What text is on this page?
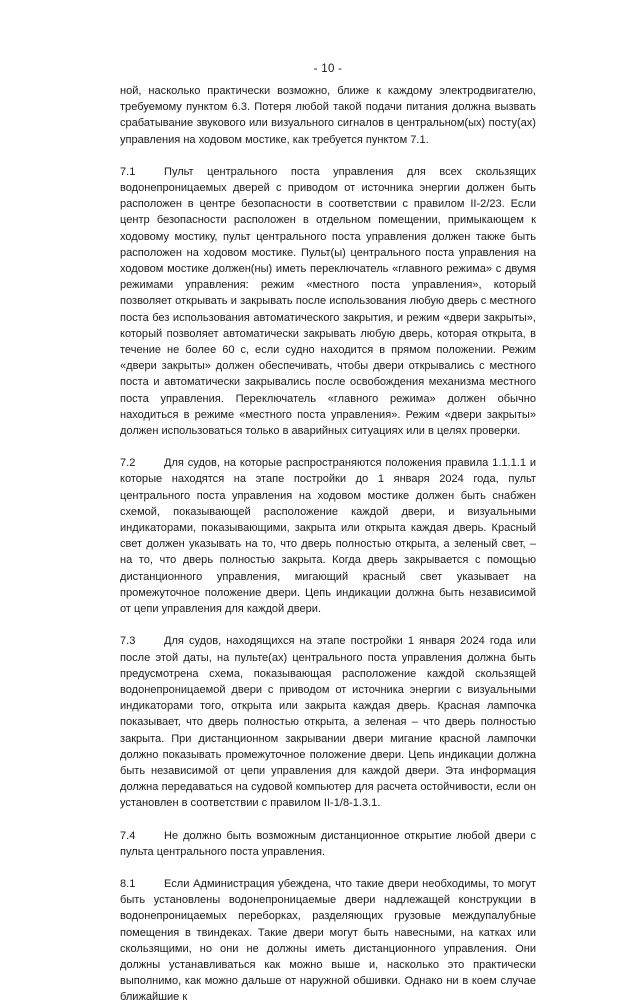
- 10 -

ной, насколько практически возможно, ближе к каждому электродвигателю, требуемому пунктом 6.3. Потеря любой такой подачи питания должна вызвать срабатывание звукового или визуального сигналов в центральном(ых) посту(ах) управления на ходовом мостике, как требуется пунктом 7.1.

7.1	Пульт центрального поста управления для всех скользящих водонепроницаемых дверей с приводом от источника энергии должен быть расположен в центре безопасности в соответствии с правилом II-2/23. Если центр безопасности расположен в отдельном помещении, примыкающем к ходовому мостику, пульт центрального поста управления должен также быть расположен на ходовом мостике. Пульт(ы) центрального поста управления на ходовом мостике должен(ны) иметь переключатель «главного режима» с двумя режимами управления: режим «местного поста управления», который позволяет открывать и закрывать после использования любую дверь с местного поста без использования автоматического закрытия, и режим «двери закрыты», который позволяет автоматически закрывать любую дверь, которая открыта, в течение не более 60 с, если судно находится в прямом положении. Режим «двери закрыты» должен обеспечивать, чтобы двери открывались с местного поста и автоматически закрывались после освобождения механизма местного поста управления. Переключатель «главного режима» должен обычно находиться в режиме «местного поста управления». Режим «двери закрыты» должен использоваться только в аварийных ситуациях или в целях проверки.

7.2	Для судов, на которые распространяются положения правила 1.1.1.1 и которые находятся на этапе постройки до 1 января 2024 года, пульт центрального поста управления на ходовом мостике должен быть снабжен схемой, показывающей расположение каждой двери, и визуальными индикаторами, показывающими, закрыта или открыта каждая дверь. Красный свет должен указывать на то, что дверь полностью открыта, а зеленый свет, – на то, что дверь полностью закрыта. Когда дверь закрывается с помощью дистанционного управления, мигающий красный свет указывает на промежуточное положение двери. Цепь индикации должна быть независимой от цепи управления для каждой двери.

7.3	Для судов, находящихся на этапе постройки 1 января 2024 года или после этой даты, на пульте(ах) центрального поста управления должна быть предусмотрена схема, показывающая расположение каждой скользящей водонепроницаемой двери с приводом от источника энергии с визуальными индикаторами того, открыта или закрыта каждая дверь. Красная лампочка показывает, что дверь полностью открыта, а зеленая – что дверь полностью закрыта. При дистанционном закрывании двери мигание красной лампочки должно показывать промежуточное положение двери. Цепь индикации должна быть независимой от цепи управления для каждой двери. Эта информация должна передаваться на судовой компьютер для расчета остойчивости, если он установлен в соответствии с правилом II-1/8-1.3.1.

7.4	Не должно быть возможным дистанционное открытие любой двери с пульта центрального поста управления.

8.1	Если Администрация убеждена, что такие двери необходимы, то могут быть установлены водонепроницаемые двери надлежащей конструкции в водонепроницаемых переборках, разделяющих грузовые междупалубные помещения в твиндеках. Такие двери могут быть навесными, на катках или скользящими, но они не должны иметь дистанционного управления. Они должны устанавливаться как можно выше и, насколько это практически выполнимо, как можно дальше от наружной обшивки. Однако ни в коем случае ближайшие к
